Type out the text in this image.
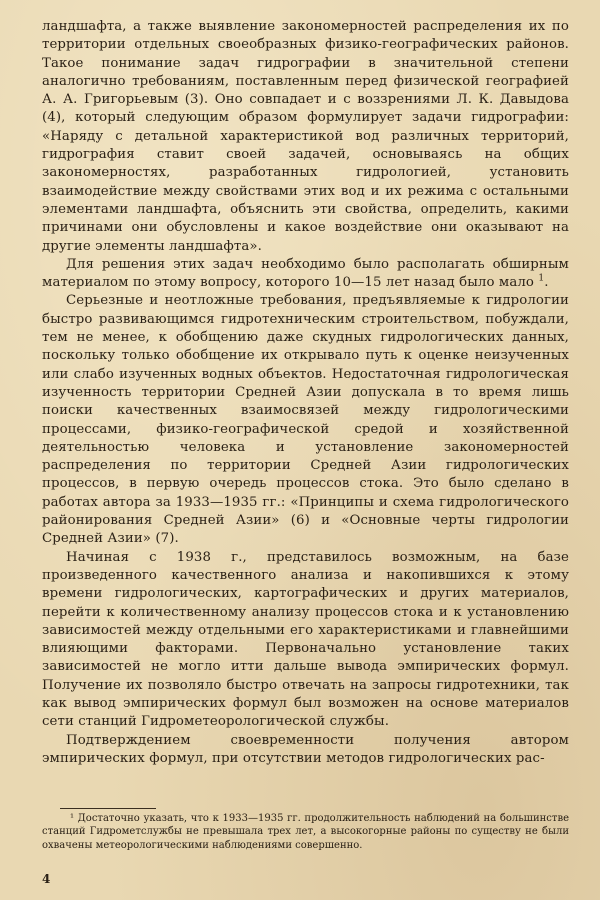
ландшафта, а также выявление закономерностей распределения их по территории отдельных своеобразных физико-географических районов. Такое понимание задач гидрографии в значительной степени аналогично требованиям, поставленным перед физической географией А. А. Григорьевым (3). Оно совпадает и с воззрениями Л. К. Давыдова (4), который следующим образом формулирует задачи гидрографии: «Наряду с детальной характеристикой вод различных территорий, гидрография ставит своей задачей, основываясь на общих закономерностях, разработанных гидрологией, установить взаимодействие между свойствами этих вод и их режима с остальными элементами ландшафта, объяснить эти свойства, определить, какими причинами они обусловлены и какое воздействие они оказывают на другие элементы ландшафта».

Для решения этих задач необходимо было располагать обширным материалом по этому вопросу, которого 10—15 лет назад было мало $^1$.

Серьезные и неотложные требования, предъявляемые к гидрологии быстро развивающимся гидротехническим строительством, побуждали, тем не менее, к обобщению даже скудных гидрологических данных, поскольку только обобщение их открывало путь к оценке неизученных или слабо изученных водных объектов. Недостаточная гидрологическая изученность территории Средней Азии допускала в то время лишь поиски качественных взаимосвязей между гидрологическими процессами, физико-географической средой и хозяйственной деятельностью человека и установление закономерностей распределения по территории Средней Азии гидрологических процессов, в первую очередь процессов стока. Это было сделано в работах автора за 1933—1935 гг.: «Принципы и схема гидрологического районирования Средней Азии» (6) и «Основные черты гидрологии Средней Азии» (7).

Начиная с 1938 г., представилось возможным, на базе произведенного качественного анализа и накопившихся к этому времени гидрологических, картографических и других материалов, перейти к количественному анализу процессов стока и к установлению зависимостей между отдельными его характеристиками и главнейшими влияющими факторами. Первоначально установление таких зависимостей не могло итти дальше вывода эмпирических формул. Получение их позволяло быстро отвечать на запросы гидротехники, так как вывод эмпирических формул был возможен на основе материалов сети станций Гидрометеорологической службы.

Подтверждением своевременности получения автором эмпирических формул, при отсутствии методов гидрологических рас-

¹ Достаточно указать, что к 1933—1935 гг. продолжительность наблюдений на большинстве станций Гидрометслужбы не превышала трех лет, а высокогорные районы по существу не были охвачены метеорологическими наблюдениями совершенно.

4
